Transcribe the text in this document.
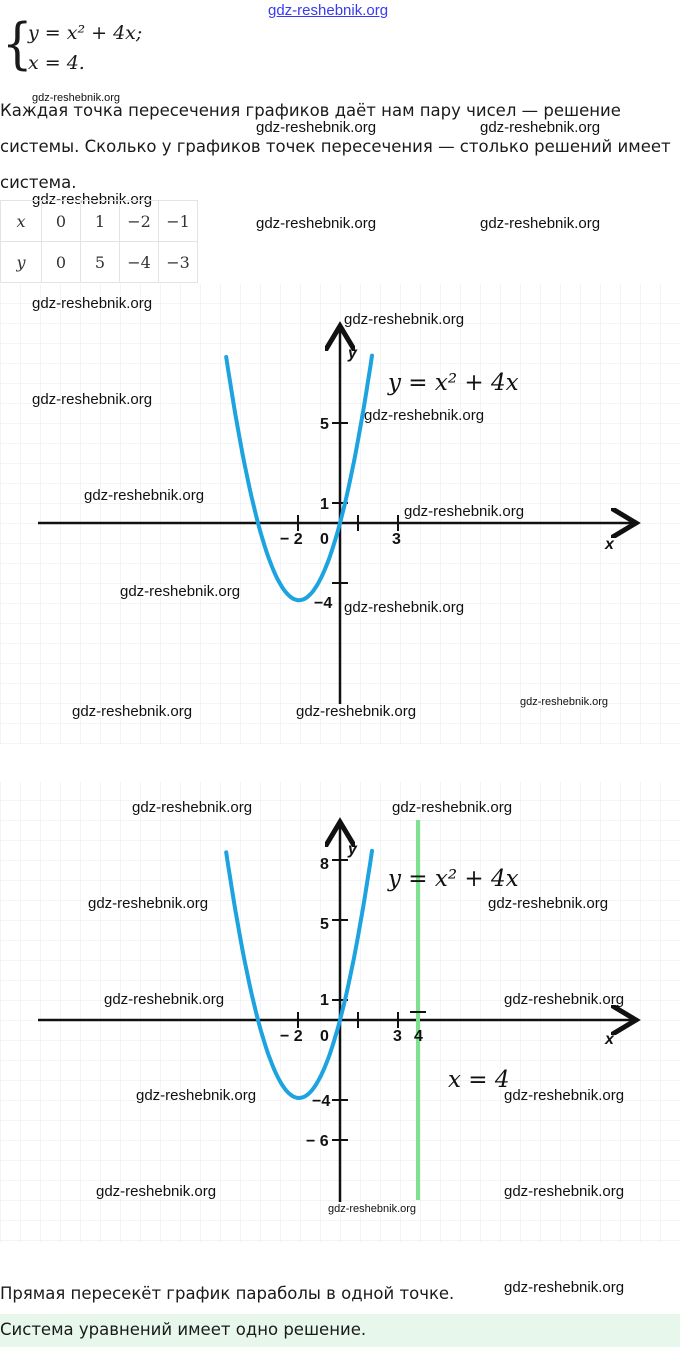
gdz-reshebnik.org
{
y = x² + 4x;
x = 4.
gdz-reshebnik.org
Каждая точка пересечения графиков даёт нам пару чисел — решение
gdz-reshebnik.org	gdz-reshebnik.org
системы. Сколько у графиков точек пересечения — столько решений имеет
система.
gdz-reshebnik.org
x	0	1	−2	−1
y	0	5	−4	−3
gdz-reshebnik.org	gdz-reshebnik.org
− 2 0	3
5
1
−4
x
y
y = x² + 4x
gdz-reshebnik.org
gdz-reshebnik.org
gdz-reshebnik.org
gdz-reshebnik.org
gdz-reshebnik.org
gdz-reshebnik.org
gdz-reshebnik.org
gdz-reshebnik.org
gdz-reshebnik.org
gdz-reshebnik.org	gdz-reshebnik.org
− 2 0	3 4
8
5
1
−4
− 6
x
y
y = x² + 4x
x = 4
gdz-reshebnik.org	gdz-reshebnik.org
gdz-reshebnik.org	gdz-reshebnik.org
gdz-reshebnik.org	gdz-reshebnik.org
gdz-reshebnik.org	gdz-reshebnik.org
gdz-reshebnik.org	gdz-reshebnik.org
gdz-reshebnik.org
Прямая пересекёт график параболы в одной точке.	gdz-reshebnik.org
Система уравнений имеет одно решение.
